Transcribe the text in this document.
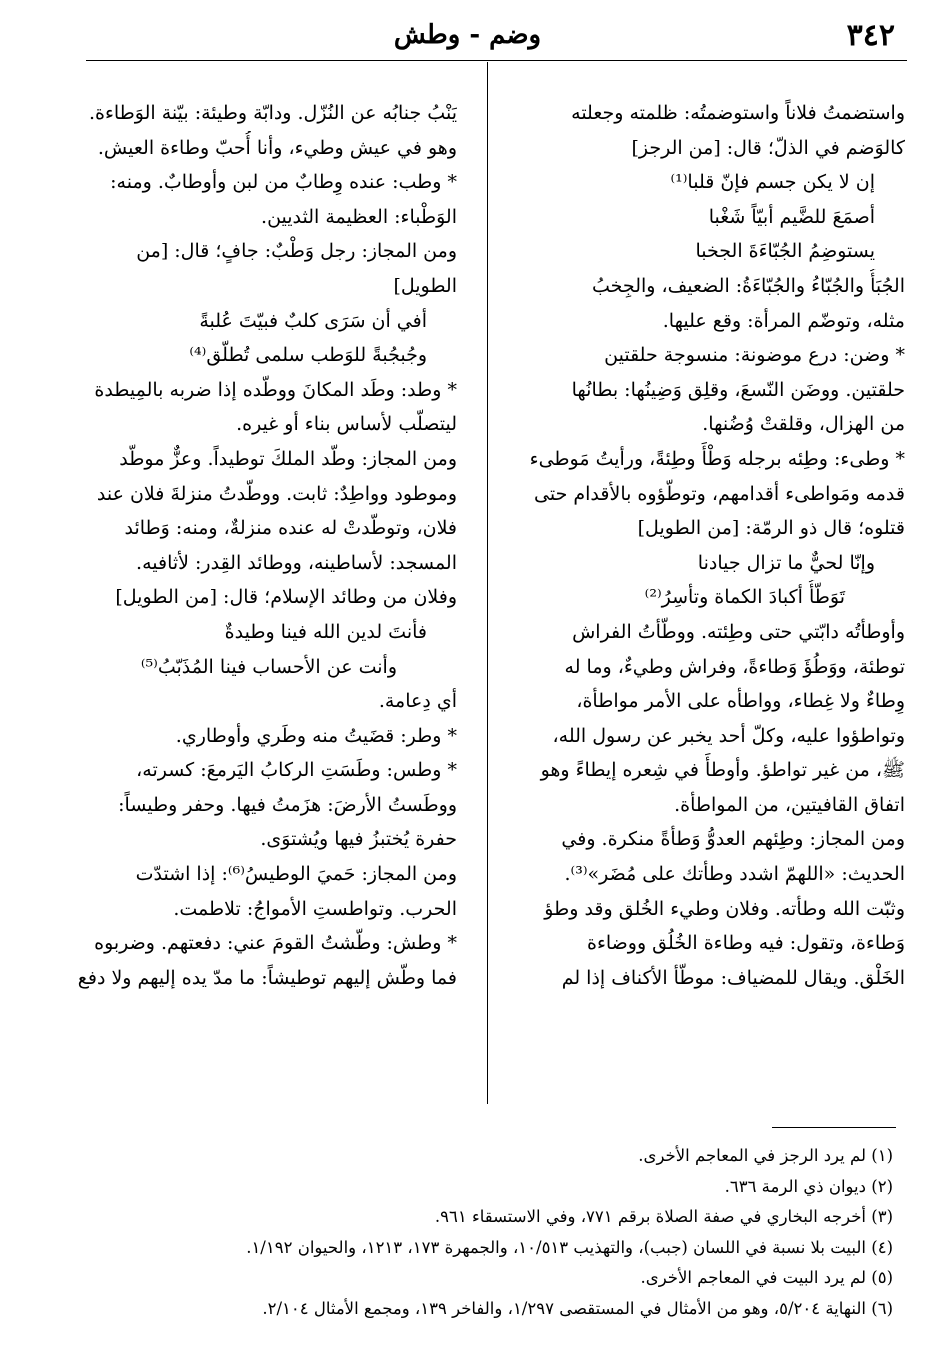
٣٤٢
وضم - وطش
واستضمتُ فلاناً واستوضمتُه: ظلمته وجعلته
كالوَضم في الذلّ؛ قال: [من الرجز]
إن لا يكن جسم فإنّ قلبا⁽¹⁾
أصمَعَ للضَّيم أبيّاً شَغْبا
يستوضِمُ الجُبّاءَةَ الجخبا
الجُبَأُ والجُبّاءُ والجُبّاءَةُ: الضعيف، والجِخبُ
مثله، وتوضّم المرأة: وقع عليها.
* وضن: درع موضونة: منسوجة حلقتين
حلقتين. ووضَن النّسعَ، وقلِق وَضِينُها: بطانُها
من الهزال، وقلقتْ وُضُنها.
* وطىء: وطِئه برجله وَطْأً وطِئةً، ورأيتُ مَوطىء
قدمه ومَواطىء أقدامهم، وتوطّؤوه بالأقدام حتى
قتلوه؛ قال ذو الرمّة: [من الطويل]
وإنّا لحيٌّ ما تزال جيادنا
تَوَطّأُ أكبادَ الكماة وتأسِرُ⁽²⁾
وأوطأتُه دابّتي حتى وطِئته. ووطّأتُ الفراش
توطئة، ووَطُؤَ وَطاءةً، وفراش وطيءٌ، وما له
وِطاءٌ ولا غِطاء، وواطأه على الأمر مواطأة،
وتواطؤوا عليه، وكلّ أحد يخبر عن رسول الله،
ﷺ، من غير تواطؤ. وأوطأَ في شِعره إيطاءً وهو
اتفاق القافيتين، من المواطأة.
ومن المجاز: وطِئهم العدوُّ وَطأةً منكرة. وفي
الحديث: «اللهمّ اشدد وطأتك على مُضَر»⁽³⁾.
وثبّت الله وطأته. وفلان وطيء الخُلق وقد وطؤ
وَطاءة، وتقول: فيه وطاءة الخُلُق ووضاءة
الخَلْق. ويقال للمضياف: موطّأ الأكناف إذا لم
يَنْبُ جنابُه عن النُزّل. ودابّة وطيئة: بيّنة الوَطاءة.
وهو في عيش وطيء، وأنا أُحبّ وطاءة العيش.
* وطب: عنده وِطابٌ من لبن وأوطابٌ. ومنه:
الوَطْباء: العظيمة الثديين.
ومن المجاز: رجل وَطْبٌ: جافٍ؛ قال: [من
الطويل]
أفي أن سَرَى كلبٌ فبيّتَ عُلبةً
وجُبجُبةً للوَطب سلمى تُطلّق⁽⁴⁾
* وطد: وطَد المكانَ ووطّده إذا ضربه بالمِيطدة
ليتصلّب لأساس بناء أو غيره.
ومن المجاز: وطّد الملكَ توطيداً. وعزٌّ موطّد
وموطود وواطِدٌ: ثابت. ووطّدتُ منزلةَ فلان عند
فلان، وتوطّدتْ له عنده منزلةٌ، ومنه: وَطائد
المسجد: لأساطينه، ووطائد القِدر: لأثافيه.
وفلان من وطائد الإسلام؛ قال: [من الطويل]
فأنتَ لدين الله فينا وطيدةٌ
وأنت عن الأحساب فينا المُذَبّبُ⁽⁵⁾
أي دِعامة.
* وطر: قضَيتُ منه وطَري وأوطاري.
* وطس: وطَسَتِ الركابُ اليَرمعَ: كسرته،
ووطَستُ الأرضَ: هزَمتُ فيها. وحفر وطيساً:
حفرة يُختبزُ فيها ويُشتوَى.
ومن المجاز: حَميَ الوطيسُ⁽⁶⁾: إذا اشتدّت
الحرب. وتواطستِ الأمواجُ: تلاطمت.
* وطش: وطّشتُ القومَ عني: دفعتهم. وضربوه
فما وطّش إليهم توطيشاً: ما مدّ يده إليهم ولا دفع
(١) لم يرد الرجز في المعاجم الأخرى.
(٢) ديوان ذي الرمة ٦٣٦.
(٣) أخرجه البخاري في صفة الصلاة برقم ٧٧١، وفي الاستسقاء ٩٦١.
(٤) البيت بلا نسبة في اللسان (جبب)، والتهذيب ١٠/٥١٣، والجمهرة ١٧٣، ١٢١٣، والحيوان ١/١٩٢.
(٥) لم يرد البيت في المعاجم الأخرى.
(٦) النهاية ٥/٢٠٤، وهو من الأمثال في المستقصى ١/٢٩٧، والفاخر ١٣٩، ومجمع الأمثال ٢/١٠٤.
